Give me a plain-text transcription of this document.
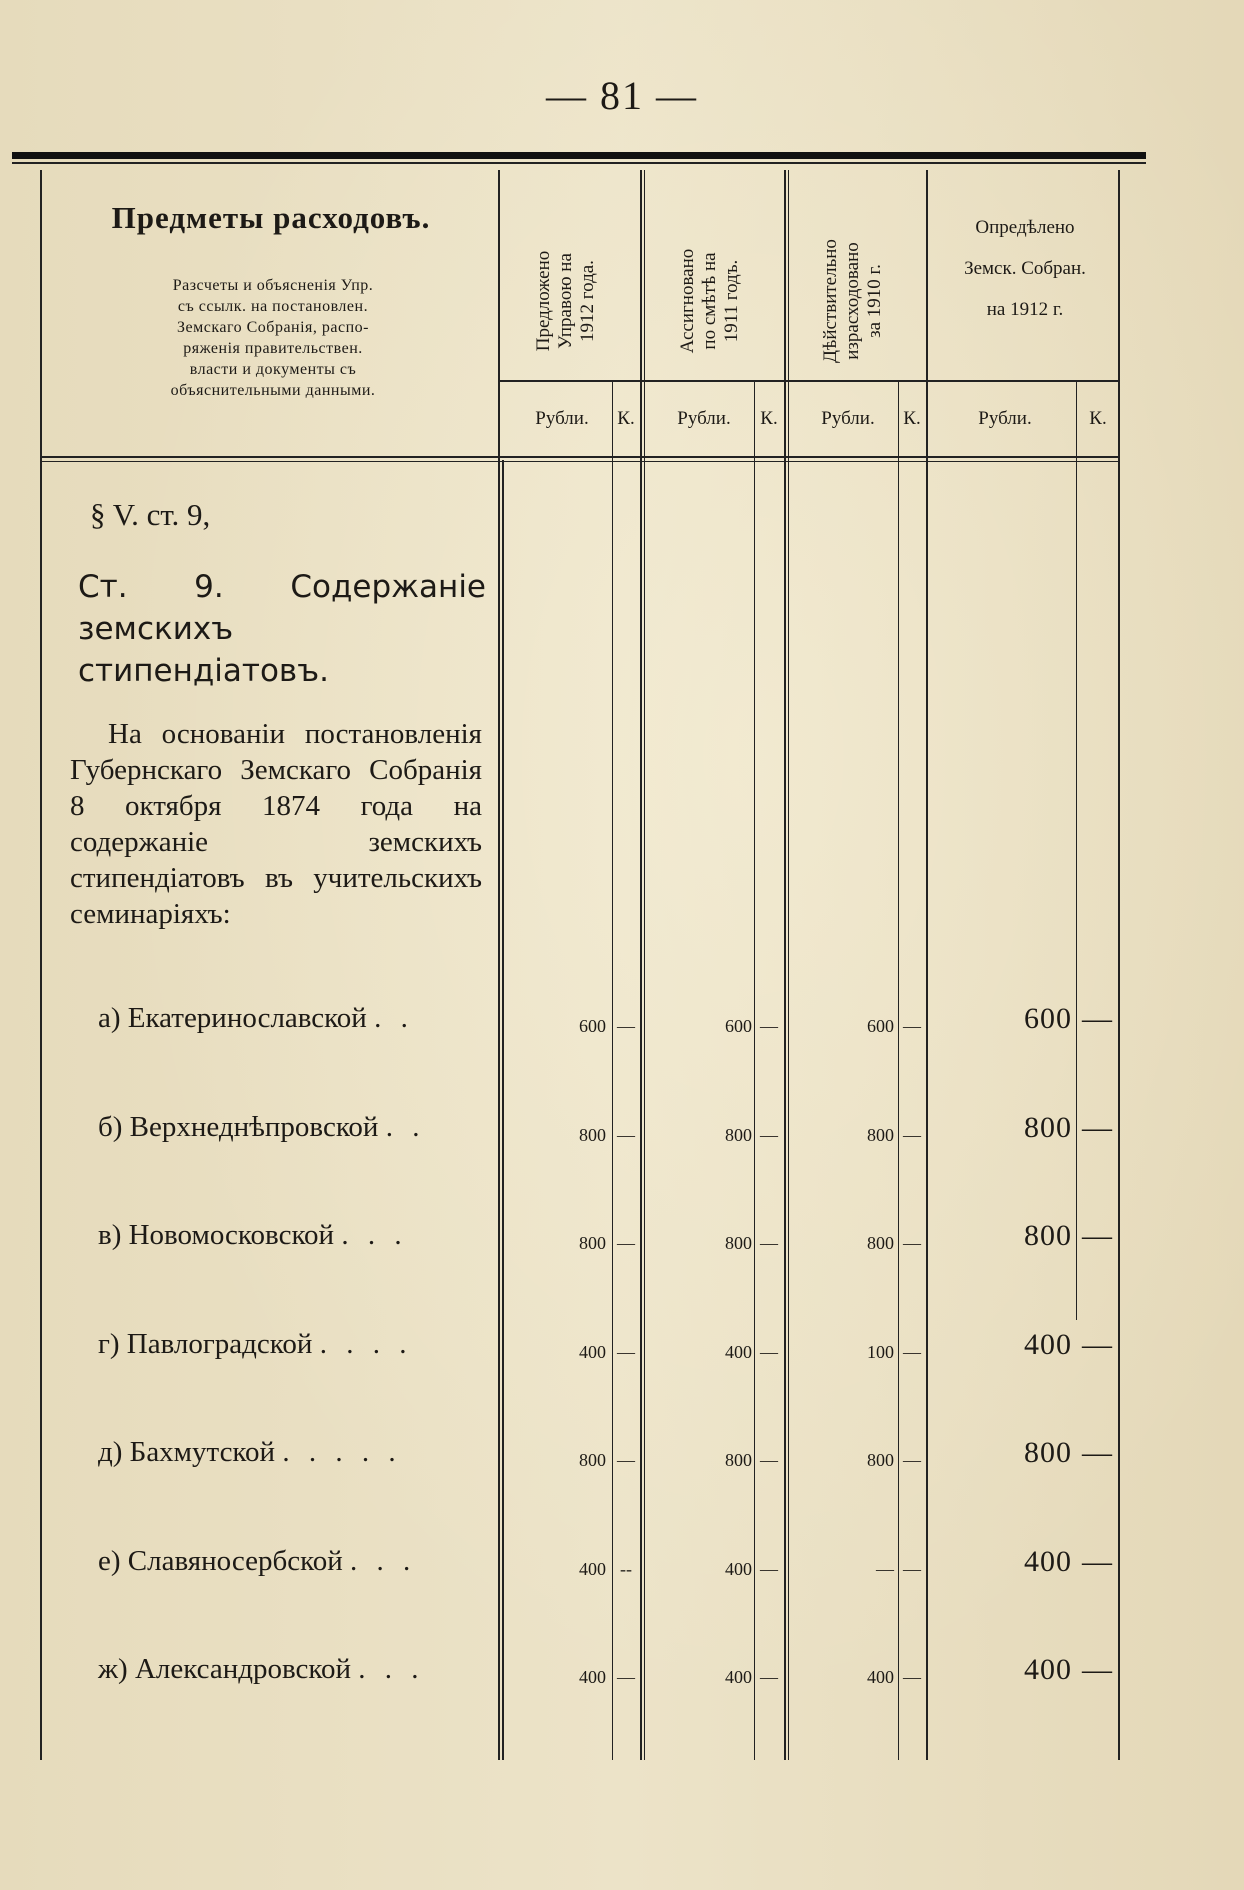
— 81 —
Предметы расходовъ.
Разсчеты и объясненія Упр.
съ ссылк. на постановлен.
Земскаго Собранія, распо-
ряженія правительствен.
власти и документы съ
объяснительными данными.
Предложено
Управою на
1912 года.	Ассигновано
по смѣтѣ на
1911 годъ.	Дѣйствительно
израсходовано
за 1910 г.
Опредѣлено
Земск. Собран.
на 1912 г.
Рубли.	К.	Рубли.	К.	Рубли.	К.	Рубли.	К.
§ V. ст. 9,
Ст. 9. Содержаніе земскихъ стипендіатовъ.
На основаніи постановленія Губернскаго Земскаго Собранія 8 октября 1874 года на содержаніе земскихъ стипендіатовъ въ учительскихъ семинаріяхъ:
а) Екатеринославской . .	600 —	600 —	600 —	600 —
б) Верхнеднѣпровской . .	800 —	800 —	800 —	800 —
в) Новомосковской . . .	800 —	800 —	800 —	800 —
г) Павлоградской . . . .	400 —	400 —	100 —	400 —
д) Бахмутской . . . . .	800 —	800 —	800 —	800 —
е) Славяносербской . . .	400 --	400 —	— —	400 —
ж) Александровской . . .	400 —	400 —	400 —	400 —
